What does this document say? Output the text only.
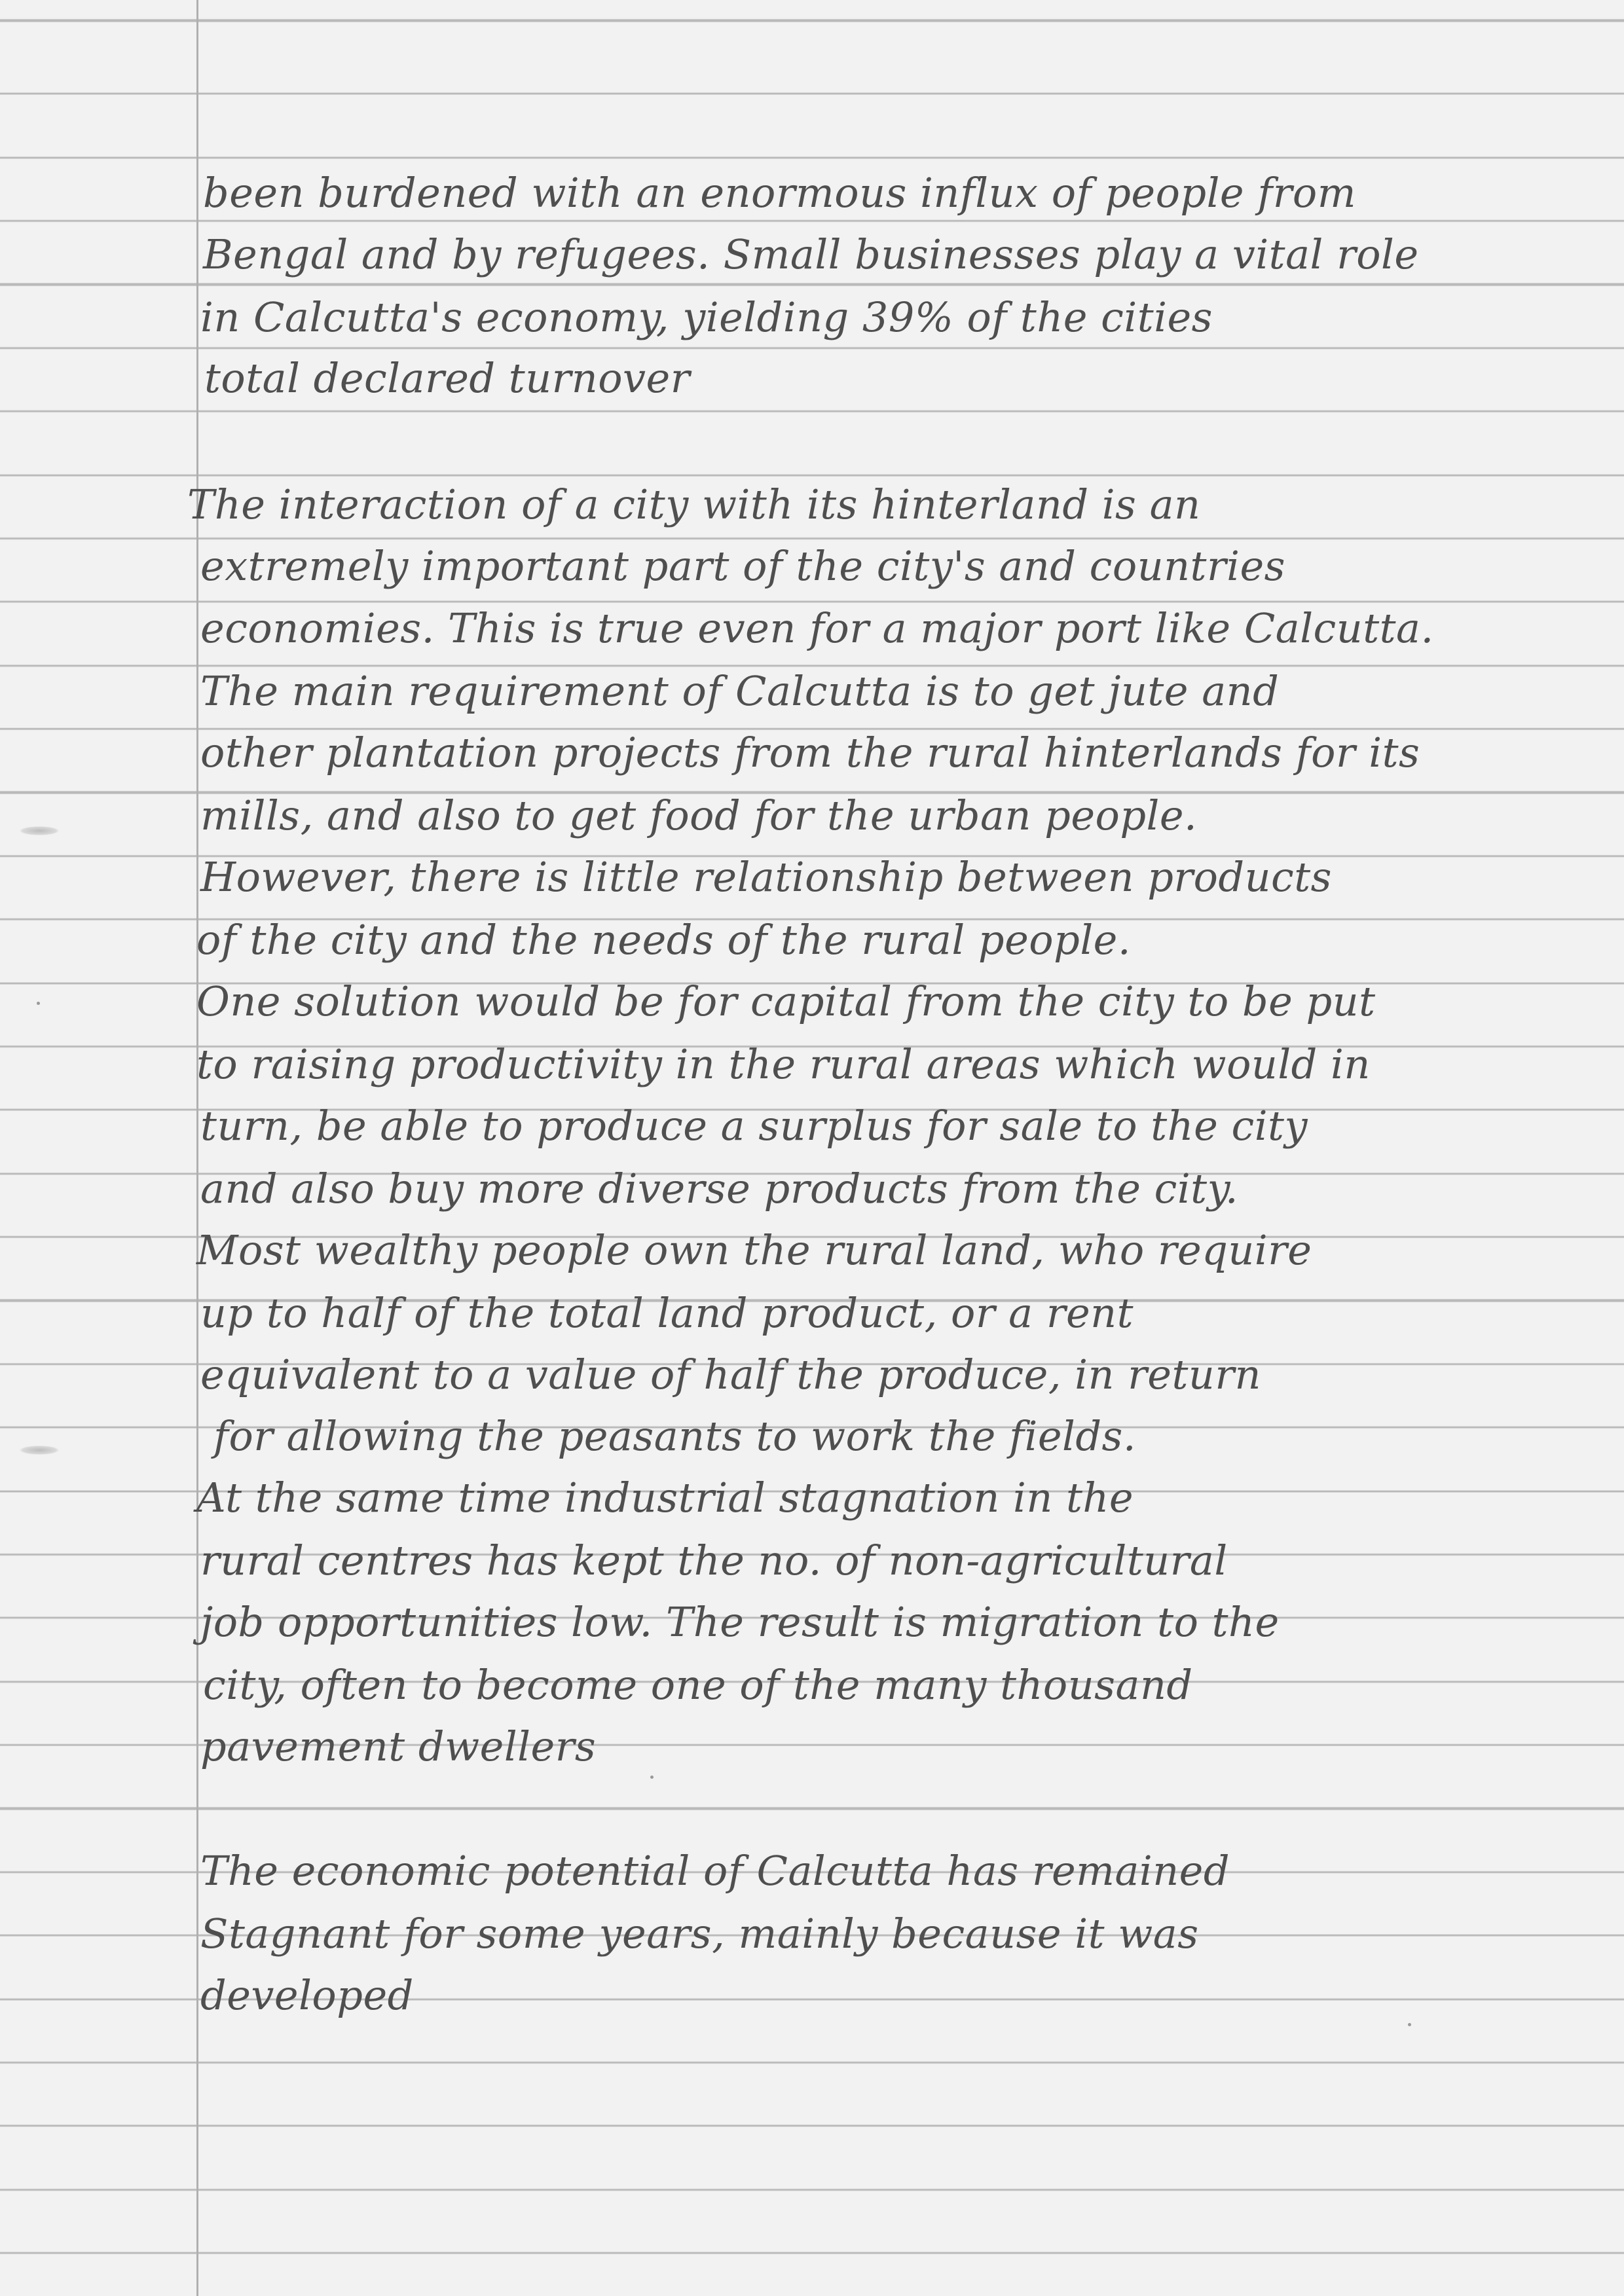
been burdened with an enormous influx of people from
Bengal and by refugees. Small businesses play a vital role
in Calcutta's economy, yielding 39% of the cities
total declared turnover
The interaction of a city with its hinterland is an
extremely important part of the city's and countries
economies. This is true even for a major port like Calcutta.
The main requirement of Calcutta is to get jute and
other plantation projects from the rural hinterlands for its
mills, and also to get food for the urban people.
However, there is little relationship between products
of the city and the needs of the rural people.
One solution would be for capital from the city to be put
to raising productivity in the rural areas which would in
turn, be able to produce a surplus for sale to the city
and also buy more diverse products from the city.
Most wealthy people own the rural land, who require
up to half of the total land product, or a rent
equivalent to a value of half the produce, in return
for allowing the peasants to work the fields.
At the same time industrial stagnation in the
rural centres has kept the no. of non-agricultural
job opportunities low. The result is migration to the
city, often to become one of the many thousand
pavement dwellers
The economic potential of Calcutta has remained
Stagnant for some years, mainly because it was
developed
